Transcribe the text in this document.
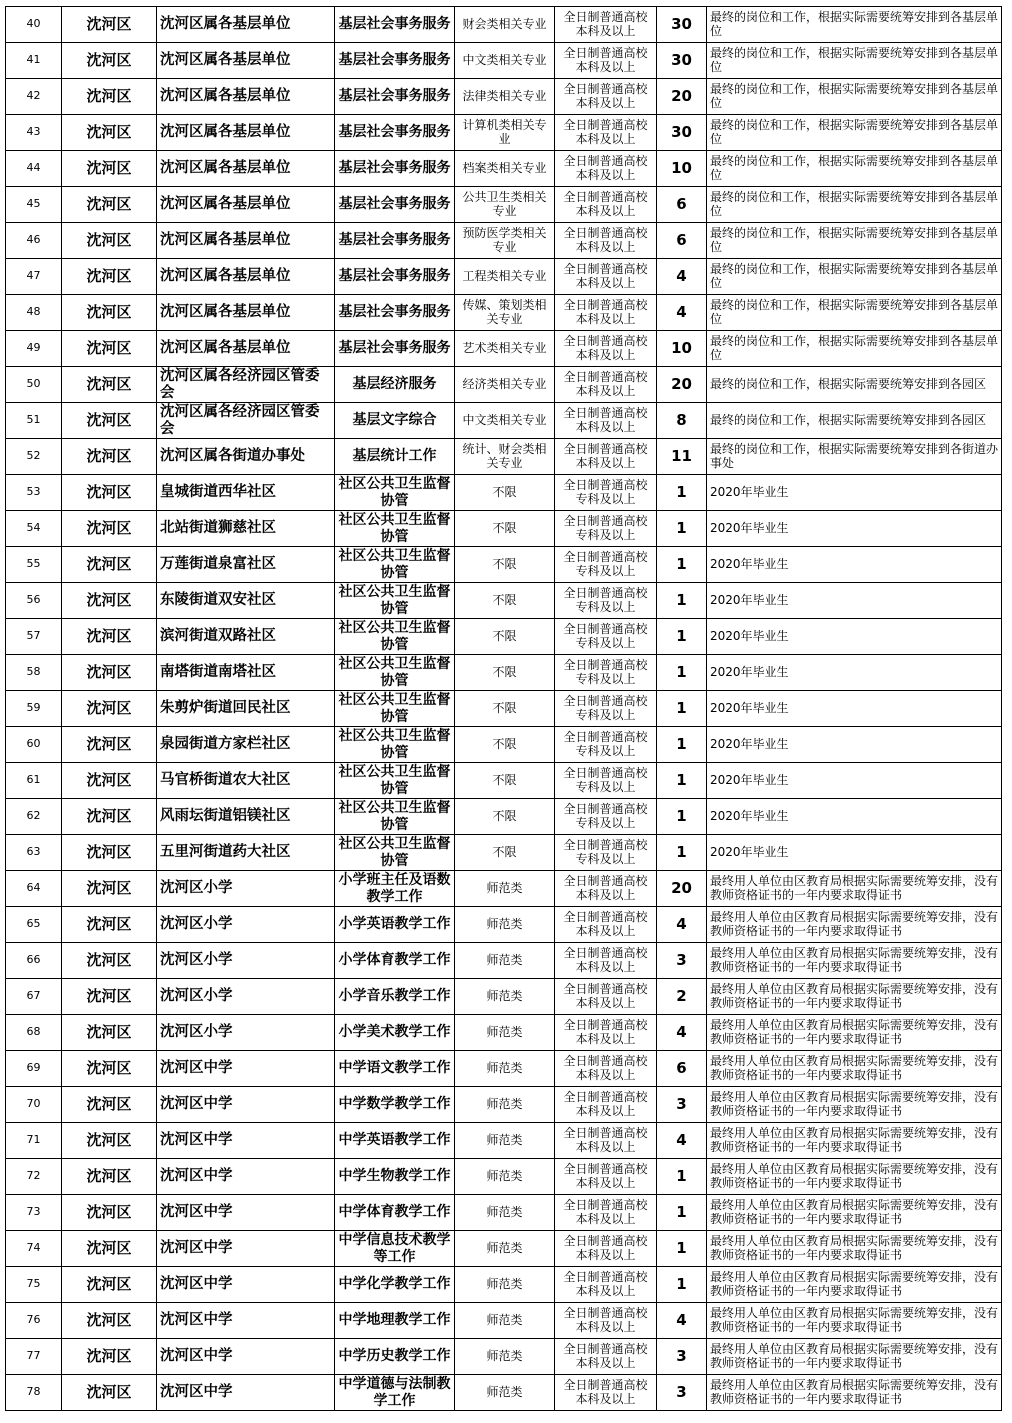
40	沈河区	沈河区属各基层单位	基层社会事务服务	财会类相关专业	全日制普通高校本科及以上	30	最终的岗位和工作，根据实际需要统筹安排到各基层单位
41	沈河区	沈河区属各基层单位	基层社会事务服务	中文类相关专业	全日制普通高校本科及以上	30	最终的岗位和工作，根据实际需要统筹安排到各基层单位
42	沈河区	沈河区属各基层单位	基层社会事务服务	法律类相关专业	全日制普通高校本科及以上	20	最终的岗位和工作，根据实际需要统筹安排到各基层单位
43	沈河区	沈河区属各基层单位	基层社会事务服务	计算机类相关专业	全日制普通高校本科及以上	30	最终的岗位和工作，根据实际需要统筹安排到各基层单位
44	沈河区	沈河区属各基层单位	基层社会事务服务	档案类相关专业	全日制普通高校本科及以上	10	最终的岗位和工作，根据实际需要统筹安排到各基层单位
45	沈河区	沈河区属各基层单位	基层社会事务服务	公共卫生类相关专业	全日制普通高校本科及以上	6	最终的岗位和工作，根据实际需要统筹安排到各基层单位
46	沈河区	沈河区属各基层单位	基层社会事务服务	预防医学类相关专业	全日制普通高校本科及以上	6	最终的岗位和工作，根据实际需要统筹安排到各基层单位
47	沈河区	沈河区属各基层单位	基层社会事务服务	工程类相关专业	全日制普通高校本科及以上	4	最终的岗位和工作，根据实际需要统筹安排到各基层单位
48	沈河区	沈河区属各基层单位	基层社会事务服务	传媒、策划类相关专业	全日制普通高校本科及以上	4	最终的岗位和工作，根据实际需要统筹安排到各基层单位
49	沈河区	沈河区属各基层单位	基层社会事务服务	艺术类相关专业	全日制普通高校本科及以上	10	最终的岗位和工作，根据实际需要统筹安排到各基层单位
50	沈河区	沈河区属各经济园区管委会	基层经济服务	经济类相关专业	全日制普通高校本科及以上	20	最终的岗位和工作，根据实际需要统筹安排到各园区
51	沈河区	沈河区属各经济园区管委会	基层文字综合	中文类相关专业	全日制普通高校本科及以上	8	最终的岗位和工作，根据实际需要统筹安排到各园区
52	沈河区	沈河区属各街道办事处	基层统计工作	统计、财会类相关专业	全日制普通高校本科及以上	11	最终的岗位和工作，根据实际需要统筹安排到各街道办事处
53	沈河区	皇城街道西华社区	社区公共卫生监督协管	不限	全日制普通高校专科及以上	1	2020年毕业生
54	沈河区	北站街道狮慈社区	社区公共卫生监督协管	不限	全日制普通高校专科及以上	1	2020年毕业生
55	沈河区	万莲街道泉富社区	社区公共卫生监督协管	不限	全日制普通高校专科及以上	1	2020年毕业生
56	沈河区	东陵街道双安社区	社区公共卫生监督协管	不限	全日制普通高校专科及以上	1	2020年毕业生
57	沈河区	滨河街道双路社区	社区公共卫生监督协管	不限	全日制普通高校专科及以上	1	2020年毕业生
58	沈河区	南塔街道南塔社区	社区公共卫生监督协管	不限	全日制普通高校专科及以上	1	2020年毕业生
59	沈河区	朱剪炉街道回民社区	社区公共卫生监督协管	不限	全日制普通高校专科及以上	1	2020年毕业生
60	沈河区	泉园街道方家栏社区	社区公共卫生监督协管	不限	全日制普通高校专科及以上	1	2020年毕业生
61	沈河区	马官桥街道农大社区	社区公共卫生监督协管	不限	全日制普通高校专科及以上	1	2020年毕业生
62	沈河区	风雨坛街道铝镁社区	社区公共卫生监督协管	不限	全日制普通高校专科及以上	1	2020年毕业生
63	沈河区	五里河街道药大社区	社区公共卫生监督协管	不限	全日制普通高校专科及以上	1	2020年毕业生
64	沈河区	沈河区小学	小学班主任及语数教学工作	师范类	全日制普通高校本科及以上	20	最终用人单位由区教育局根据实际需要统筹安排，没有教师资格证书的一年内要求取得证书
65	沈河区	沈河区小学	小学英语教学工作	师范类	全日制普通高校本科及以上	4	最终用人单位由区教育局根据实际需要统筹安排，没有教师资格证书的一年内要求取得证书
66	沈河区	沈河区小学	小学体育教学工作	师范类	全日制普通高校本科及以上	3	最终用人单位由区教育局根据实际需要统筹安排，没有教师资格证书的一年内要求取得证书
67	沈河区	沈河区小学	小学音乐教学工作	师范类	全日制普通高校本科及以上	2	最终用人单位由区教育局根据实际需要统筹安排，没有教师资格证书的一年内要求取得证书
68	沈河区	沈河区小学	小学美术教学工作	师范类	全日制普通高校本科及以上	4	最终用人单位由区教育局根据实际需要统筹安排，没有教师资格证书的一年内要求取得证书
69	沈河区	沈河区中学	中学语文教学工作	师范类	全日制普通高校本科及以上	6	最终用人单位由区教育局根据实际需要统筹安排，没有教师资格证书的一年内要求取得证书
70	沈河区	沈河区中学	中学数学教学工作	师范类	全日制普通高校本科及以上	3	最终用人单位由区教育局根据实际需要统筹安排，没有教师资格证书的一年内要求取得证书
71	沈河区	沈河区中学	中学英语教学工作	师范类	全日制普通高校本科及以上	4	最终用人单位由区教育局根据实际需要统筹安排，没有教师资格证书的一年内要求取得证书
72	沈河区	沈河区中学	中学生物教学工作	师范类	全日制普通高校本科及以上	1	最终用人单位由区教育局根据实际需要统筹安排，没有教师资格证书的一年内要求取得证书
73	沈河区	沈河区中学	中学体育教学工作	师范类	全日制普通高校本科及以上	1	最终用人单位由区教育局根据实际需要统筹安排，没有教师资格证书的一年内要求取得证书
74	沈河区	沈河区中学	中学信息技术教学等工作	师范类	全日制普通高校本科及以上	1	最终用人单位由区教育局根据实际需要统筹安排，没有教师资格证书的一年内要求取得证书
75	沈河区	沈河区中学	中学化学教学工作	师范类	全日制普通高校本科及以上	1	最终用人单位由区教育局根据实际需要统筹安排，没有教师资格证书的一年内要求取得证书
76	沈河区	沈河区中学	中学地理教学工作	师范类	全日制普通高校本科及以上	4	最终用人单位由区教育局根据实际需要统筹安排，没有教师资格证书的一年内要求取得证书
77	沈河区	沈河区中学	中学历史教学工作	师范类	全日制普通高校本科及以上	3	最终用人单位由区教育局根据实际需要统筹安排，没有教师资格证书的一年内要求取得证书
78	沈河区	沈河区中学	中学道德与法制教学工作	师范类	全日制普通高校本科及以上	3	最终用人单位由区教育局根据实际需要统筹安排，没有教师资格证书的一年内要求取得证书
